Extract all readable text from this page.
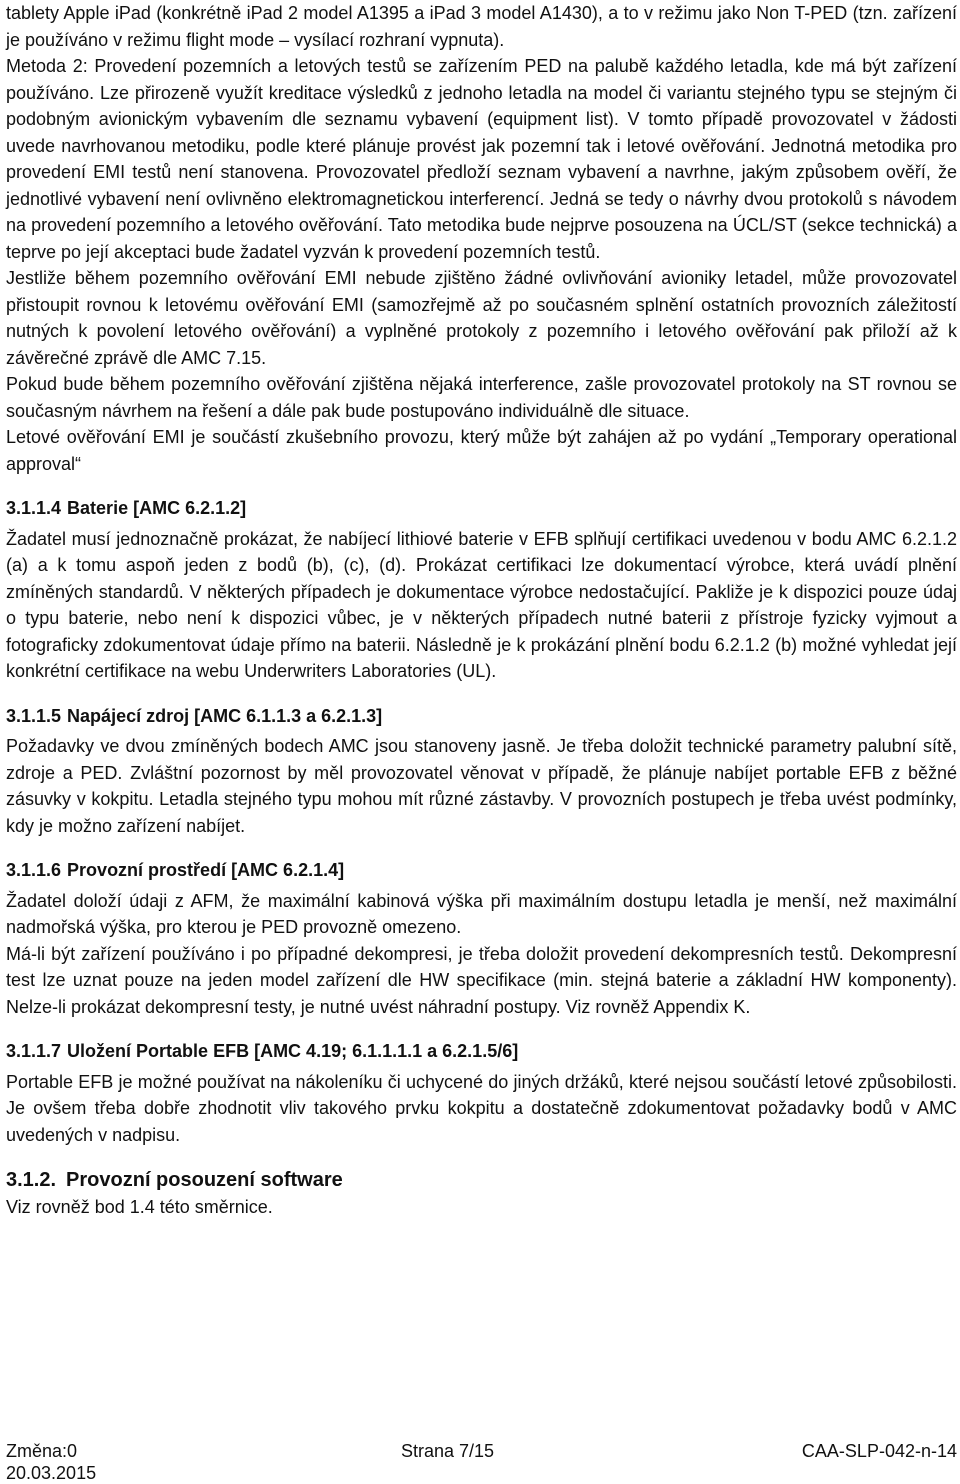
tablety Apple iPad (konkrétně iPad 2 model A1395 a iPad 3 model A1430), a to v režimu jako Non T-PED (tzn. zařízení je používáno v režimu flight mode – vysílací rozhraní vypnuta).

Metoda 2: Provedení pozemních a letových testů se zařízením PED na palubě každého letadla, kde má být zařízení používáno. Lze přirozeně využít kreditace výsledků z jednoho letadla na model či variantu stejného typu se stejným či podobným avionickým vybavením dle seznamu vybavení (equipment list). V tomto případě provozovatel v žádosti uvede navrhovanou metodiku, podle které plánuje provést jak pozemní tak i letové ověřování. Jednotná metodika pro provedení EMI testů není stanovena. Provozovatel předloží seznam vybavení a navrhne, jakým způsobem ověří, že jednotlivé vybavení není ovlivněno elektromagnetickou interferencí. Jedná se tedy o návrhy dvou protokolů s návodem na provedení pozemního a letového ověřování. Tato metodika bude nejprve posouzena na ÚCL/ST (sekce technická) a teprve po její akceptaci bude žadatel vyzván k provedení pozemních testů.

Jestliže během pozemního ověřování EMI nebude zjištěno žádné ovlivňování avioniky letadel, může provozovatel přistoupit rovnou k letovému ověřování EMI (samozřejmě až po současném splnění ostatních provozních záležitostí nutných k povolení letového ověřování) a vyplněné protokoly z pozemního i letového ověřování pak přiloží až k závěrečné zprávě dle AMC 7.15.

Pokud bude během pozemního ověřování zjištěna nějaká interference, zašle provozovatel protokoly na ST rovnou se současným návrhem na řešení a dále pak bude postupováno individuálně dle situace.

Letové ověřování EMI je součástí zkušebního provozu, který může být zahájen až po vydání „Temporary operational approval“

3.1.1.4 Baterie [AMC 6.2.1.2]

Žadatel musí jednoznačně prokázat, že nabíjecí lithiové baterie v EFB splňují certifikaci uvedenou v bodu AMC 6.2.1.2 (a) a k tomu aspoň jeden z bodů (b), (c), (d). Prokázat certifikaci lze dokumentací výrobce, která uvádí plnění zmíněných standardů. V některých případech je dokumentace výrobce nedostačující. Pakliže je k dispozici pouze údaj o typu baterie, nebo není k dispozici vůbec, je v některých případech nutné baterii z přístroje fyzicky vyjmout a fotograficky zdokumentovat údaje přímo na baterii. Následně je k prokázání plnění bodu 6.2.1.2 (b) možné vyhledat její konkrétní certifikace na webu Underwriters Laboratories (UL).

3.1.1.5 Napájecí zdroj [AMC 6.1.1.3 a 6.2.1.3]

Požadavky ve dvou zmíněných bodech AMC jsou stanoveny jasně. Je třeba doložit technické parametry palubní sítě, zdroje a PED. Zvláštní pozornost by měl provozovatel věnovat v případě, že plánuje nabíjet portable EFB z běžné zásuvky v kokpitu. Letadla stejného typu mohou mít různé zástavby. V provozních postupech je třeba uvést podmínky, kdy je možno zařízení nabíjet.

3.1.1.6 Provozní prostředí [AMC 6.2.1.4]

Žadatel doloží údaji z AFM, že maximální kabinová výška při maximálním dostupu letadla je menší, než maximální nadmořská výška, pro kterou je PED provozně omezeno.

Má-li být zařízení používáno i po případné dekompresi, je třeba doložit provedení dekompresních testů. Dekompresní test lze uznat pouze na jeden model zařízení dle HW specifikace (min. stejná baterie a základní HW komponenty). Nelze-li prokázat dekompresní testy, je nutné uvést náhradní postupy. Viz rovněž Appendix K.

3.1.1.7 Uložení Portable EFB [AMC 4.19; 6.1.1.1.1 a 6.2.1.5/6]

Portable EFB je možné používat na nákoleníku či uchycené do jiných držáků, které nejsou součástí letové způsobilosti. Je ovšem třeba dobře zhodnotit vliv takového prvku kokpitu a dostatečně zdokumentovat požadavky bodů v AMC uvedených v nadpisu.

3.1.2. Provozní posouzení software

Viz rovněž bod 1.4 této směrnice.

Změna:0
20.03.2015
Strana 7/15	CAA-SLP-042-n-14
